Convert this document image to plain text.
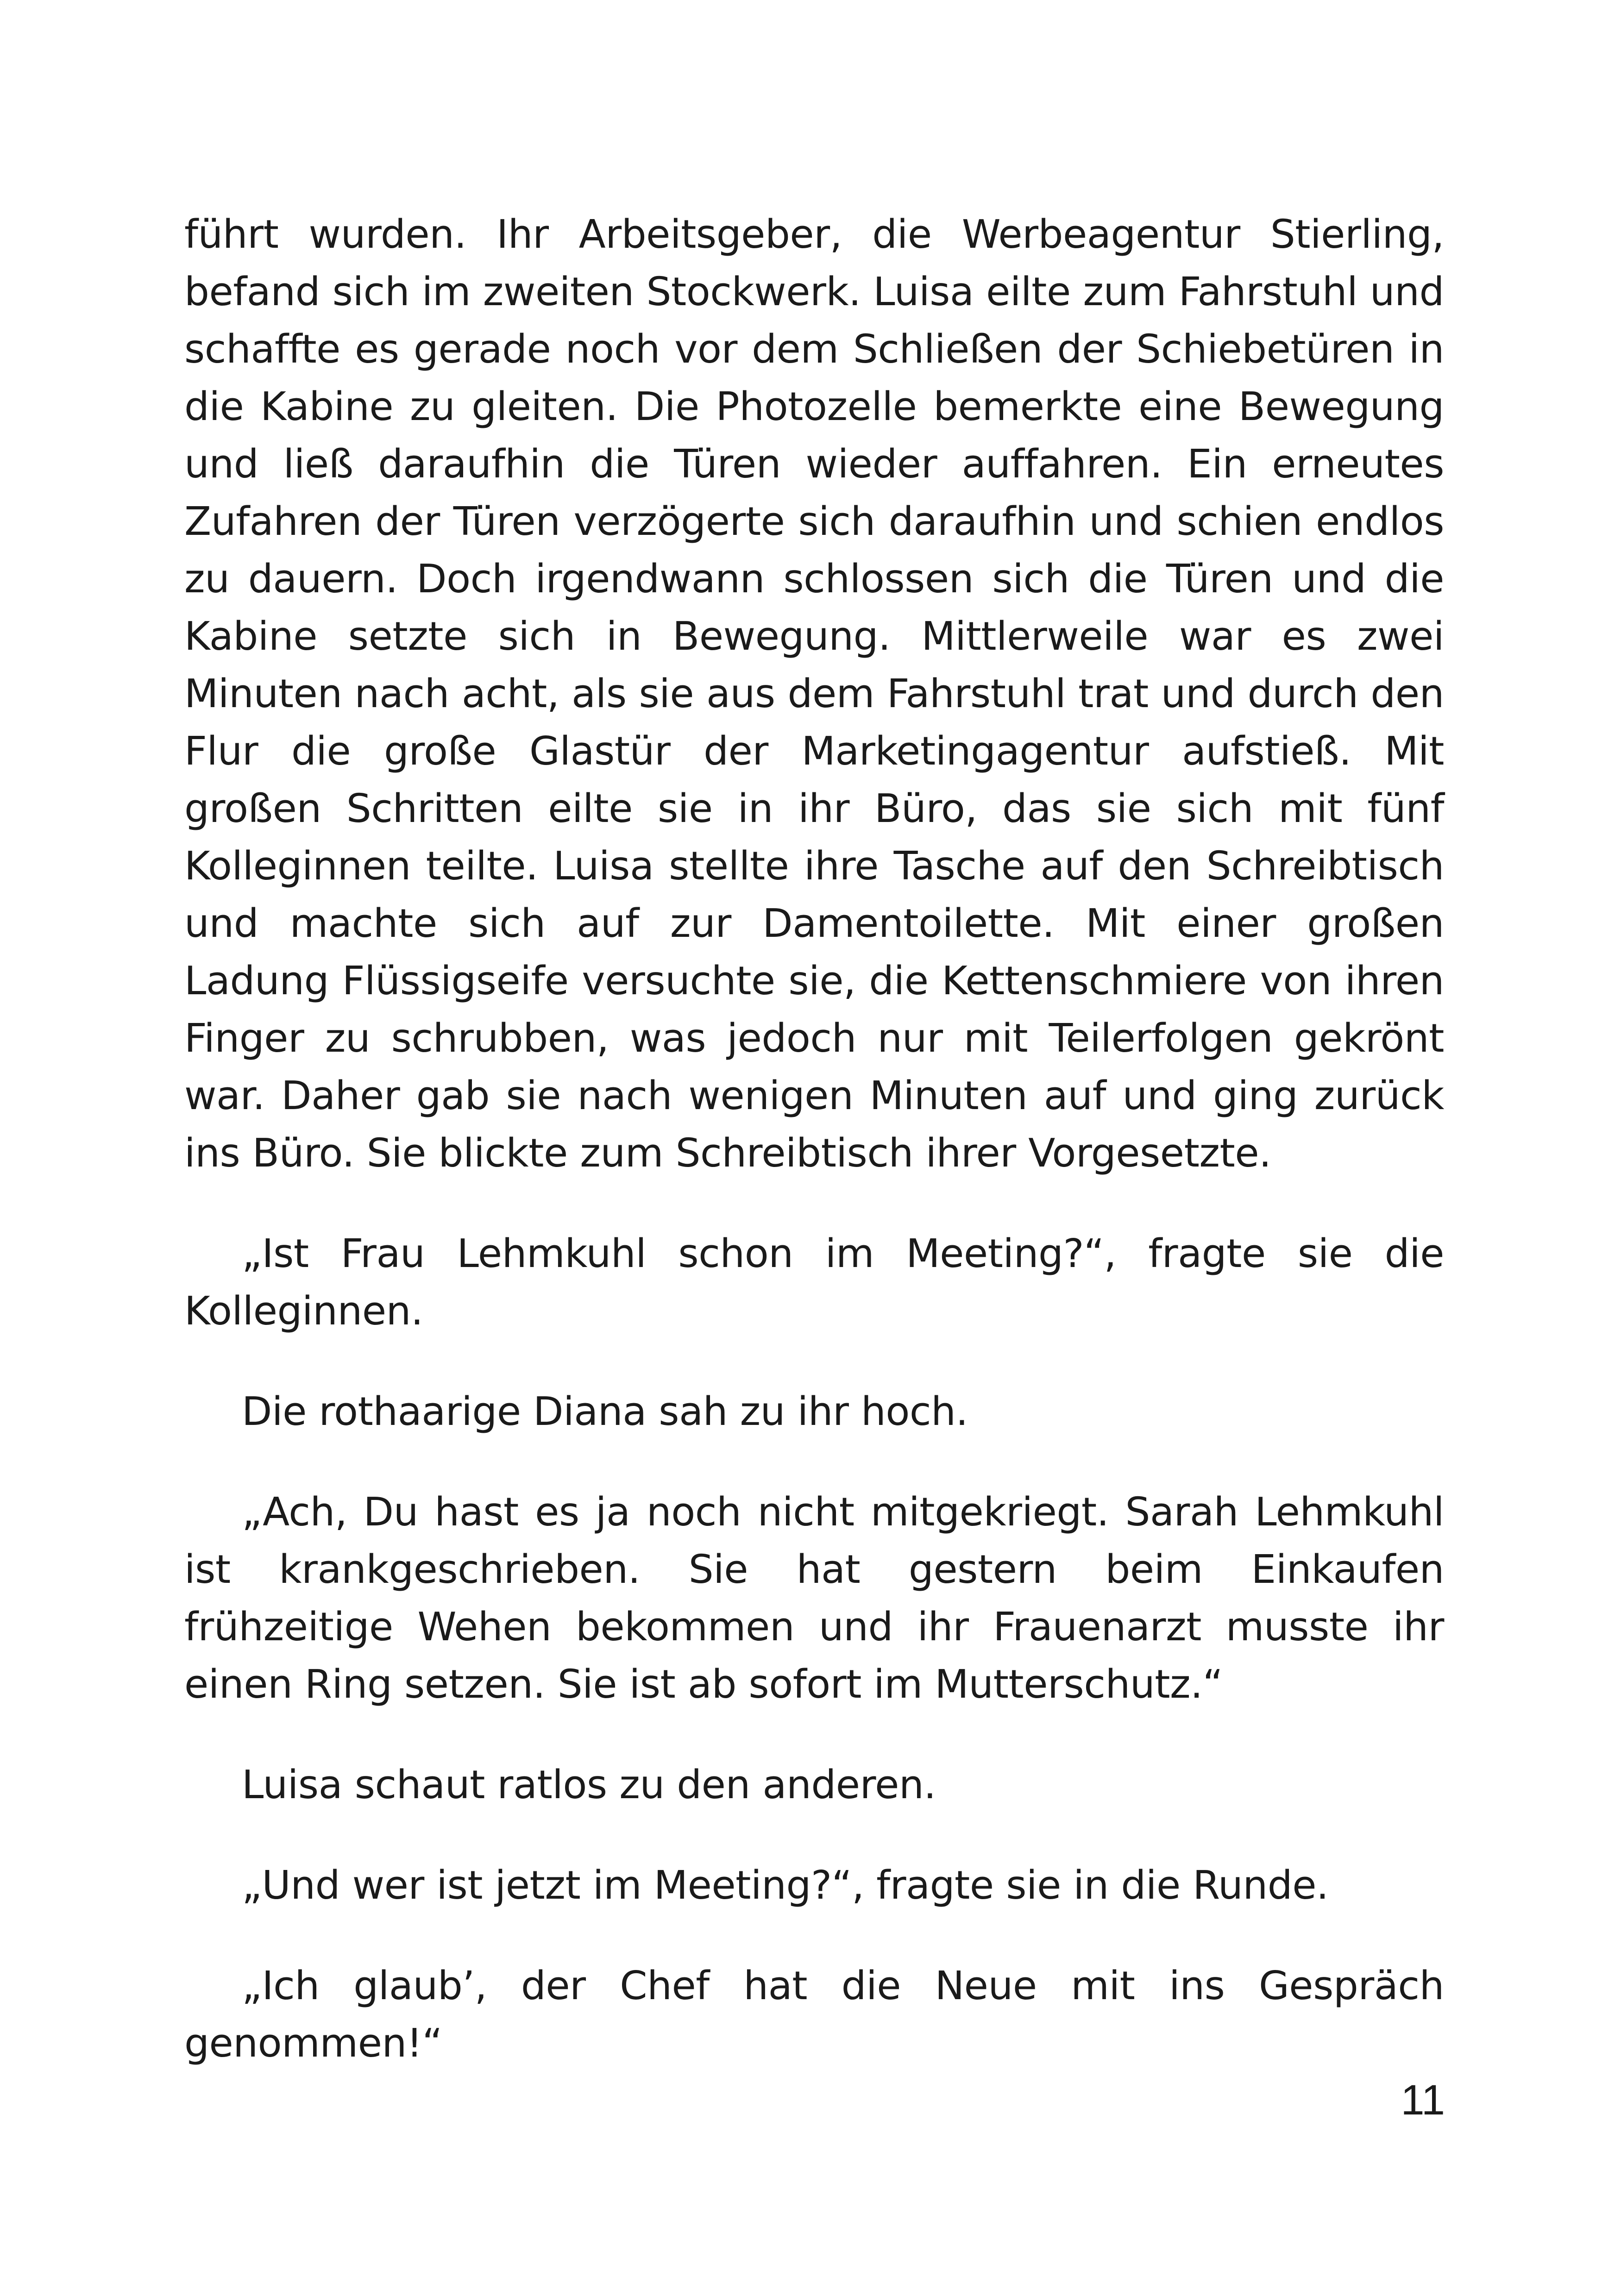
führt wurden. Ihr Arbeitsgeber, die Werbeagentur Stierling, befand sich im zweiten Stockwerk. Luisa eilte zum Fahrstuhl und schaffte es gerade noch vor dem Schließen der Schiebetüren in die Kabine zu gleiten. Die Photozelle bemerkte eine Bewegung und ließ daraufhin die Türen wieder auffahren. Ein erneutes Zufahren der Türen verzögerte sich daraufhin und schien endlos zu dauern. Doch irgendwann schlossen sich die Türen und die Kabine setzte sich in Bewegung. Mittlerweile war es zwei Minuten nach acht, als sie aus dem Fahrstuhl trat und durch den Flur die große Glastür der Marketingagentur aufstieß. Mit großen Schritten eilte sie in ihr Büro, das sie sich mit fünf Kolleginnen teilte. Luisa stellte ihre Tasche auf den Schreibtisch und machte sich auf zur Damentoilette. Mit einer großen Ladung Flüssigseife versuchte sie, die Kettenschmiere von ihren Finger zu schrubben, was jedoch nur mit Teilerfolgen gekrönt war. Daher gab sie nach wenigen Minuten auf und ging zurück ins Büro. Sie blickte zum Schreibtisch ihrer Vorgesetzte.

„Ist Frau Lehmkuhl schon im Meeting?“, fragte sie die Kolleginnen.

Die rothaarige Diana sah zu ihr hoch.

„Ach, Du hast es ja noch nicht mitgekriegt. Sarah Lehmkuhl ist krankgeschrieben. Sie hat gestern beim Einkaufen frühzeitige Wehen bekommen und ihr Frauenarzt musste ihr einen Ring setzen. Sie ist ab sofort im Mutterschutz.“

Luisa schaut ratlos zu den anderen.

„Und wer ist jetzt im Meeting?“, fragte sie in die Runde.

„Ich glaub’, der Chef hat die Neue mit ins Gespräch genommen!“

11
